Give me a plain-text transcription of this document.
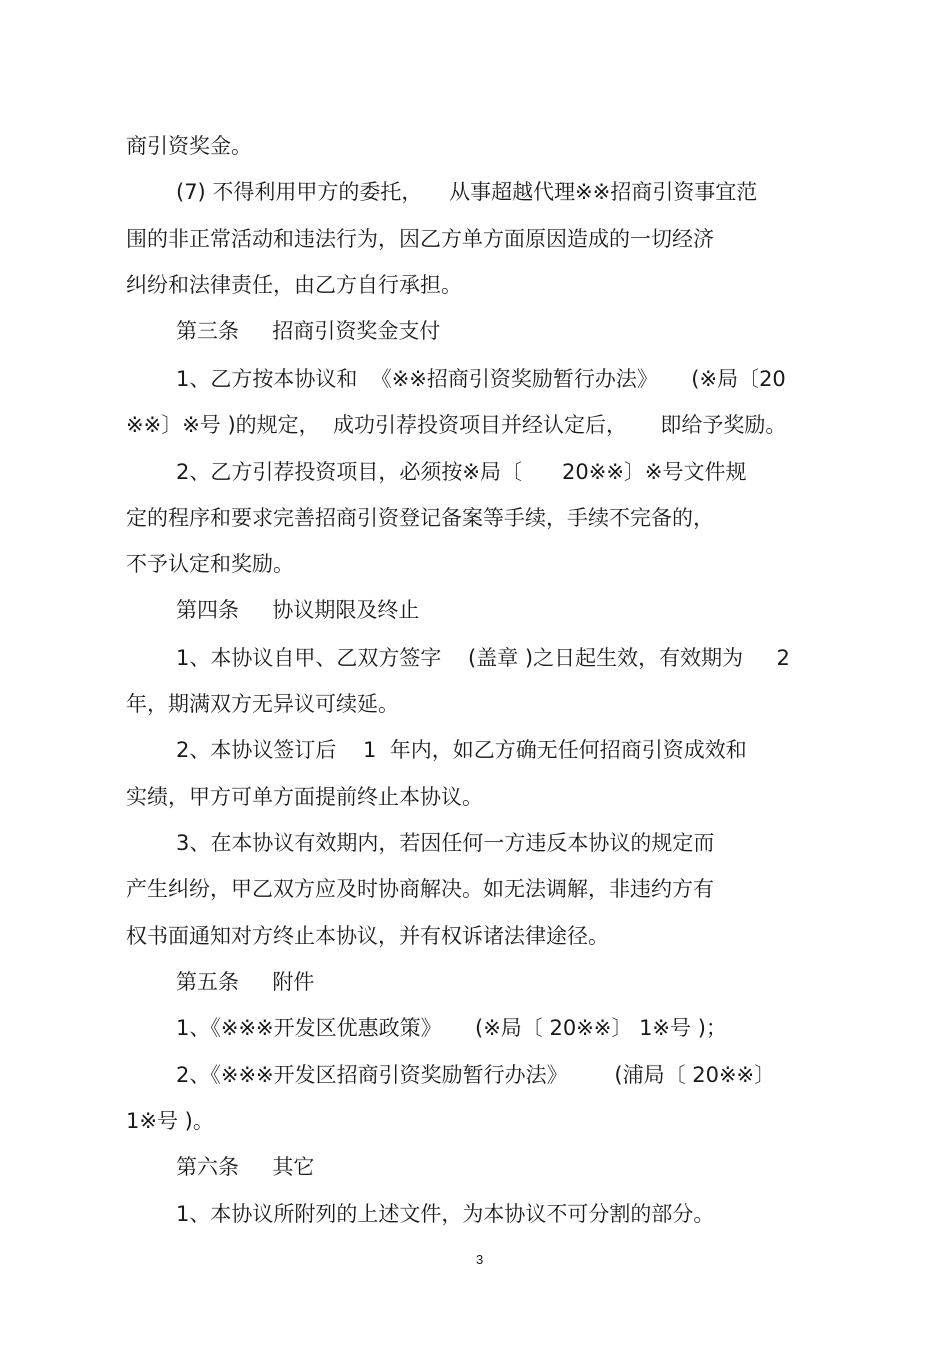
商引资奖金。
(7) 不得利用甲方的委托，    从事超越代理※※招商引资事宜范
围的非正常活动和违法行为，因乙方单方面原因造成的一切经济
纠纷和法律责任，由乙方自行承担。
第三条     招商引资奖金支付
1、乙方按本协议和  《※※招商引资奖励暂行办法》     (※局〔20
※※〕※号 )的规定，  成功引荐投资项目并经认定后，     即给予奖励。
2、乙方引荐投资项目，必须按※局〔      20※※〕※号文件规
定的程序和要求完善招商引资登记备案等手续，手续不完备的，
不予认定和奖励。
第四条     协议期限及终止
1、本协议自甲、乙双方签字    (盖章 )之日起生效，有效期为     2
年，期满双方无异议可续延。
2、本协议签订后    1  年内，如乙方确无任何招商引资成效和
实绩，甲方可单方面提前终止本协议。
3、在本协议有效期内，若因任何一方违反本协议的规定而
产生纠纷，甲乙双方应及时协商解决。如无法调解，非违约方有
权书面通知对方终止本协议，并有权诉诸法律途径。
第五条     附件
1、《※※※开发区优惠政策》     (※局〔 20※※〕 1※号 )；
2、《※※※开发区招商引资奖励暂行办法》       (浦局〔 20※※〕
1※号 )。
第六条     其它
1、本协议所附列的上述文件，为本协议不可分割的部分。
3
